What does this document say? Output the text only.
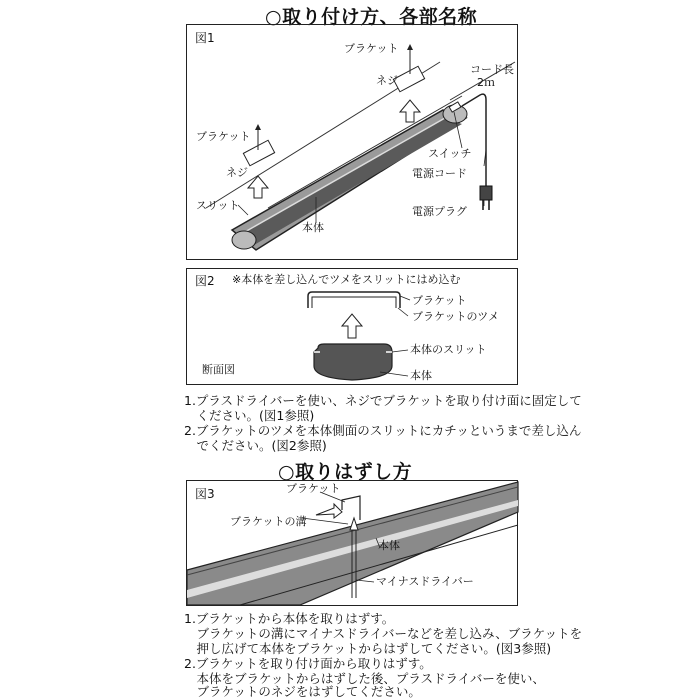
○取り付け方、各部名称
図1
ブラケット
ネジ
コード長
2ｍ
ブラケット
ネジ
スイッチ
電源コード
スリット
本体
電源プラグ
図2 ※本体を差し込んでツメをスリットにはめ込む
ブラケット
ブラケットのツメ
本体のスリット
本体
断面図
1.プラスドライバーを使い、ネジでブラケットを取り付け面に固定して
　ください。(図1参照)
2.ブラケットのツメを本体側面のスリットにカチッというまで差し込ん
　でください。(図2参照)
○取りはずし方
図3	ブラケット
ブラケットの溝
本体
マイナスドライバー
1.ブラケットから本体を取りはずす。
　ブラケットの溝にマイナスドライバーなどを差し込み、ブラケットを
　押し広げて本体をブラケットからはずしてください。(図3参照)
2.ブラケットを取り付け面から取りはずす。
　本体をブラケットからはずした後、プラスドライバーを使い、
　ブラケットのネジをはずしてください。
